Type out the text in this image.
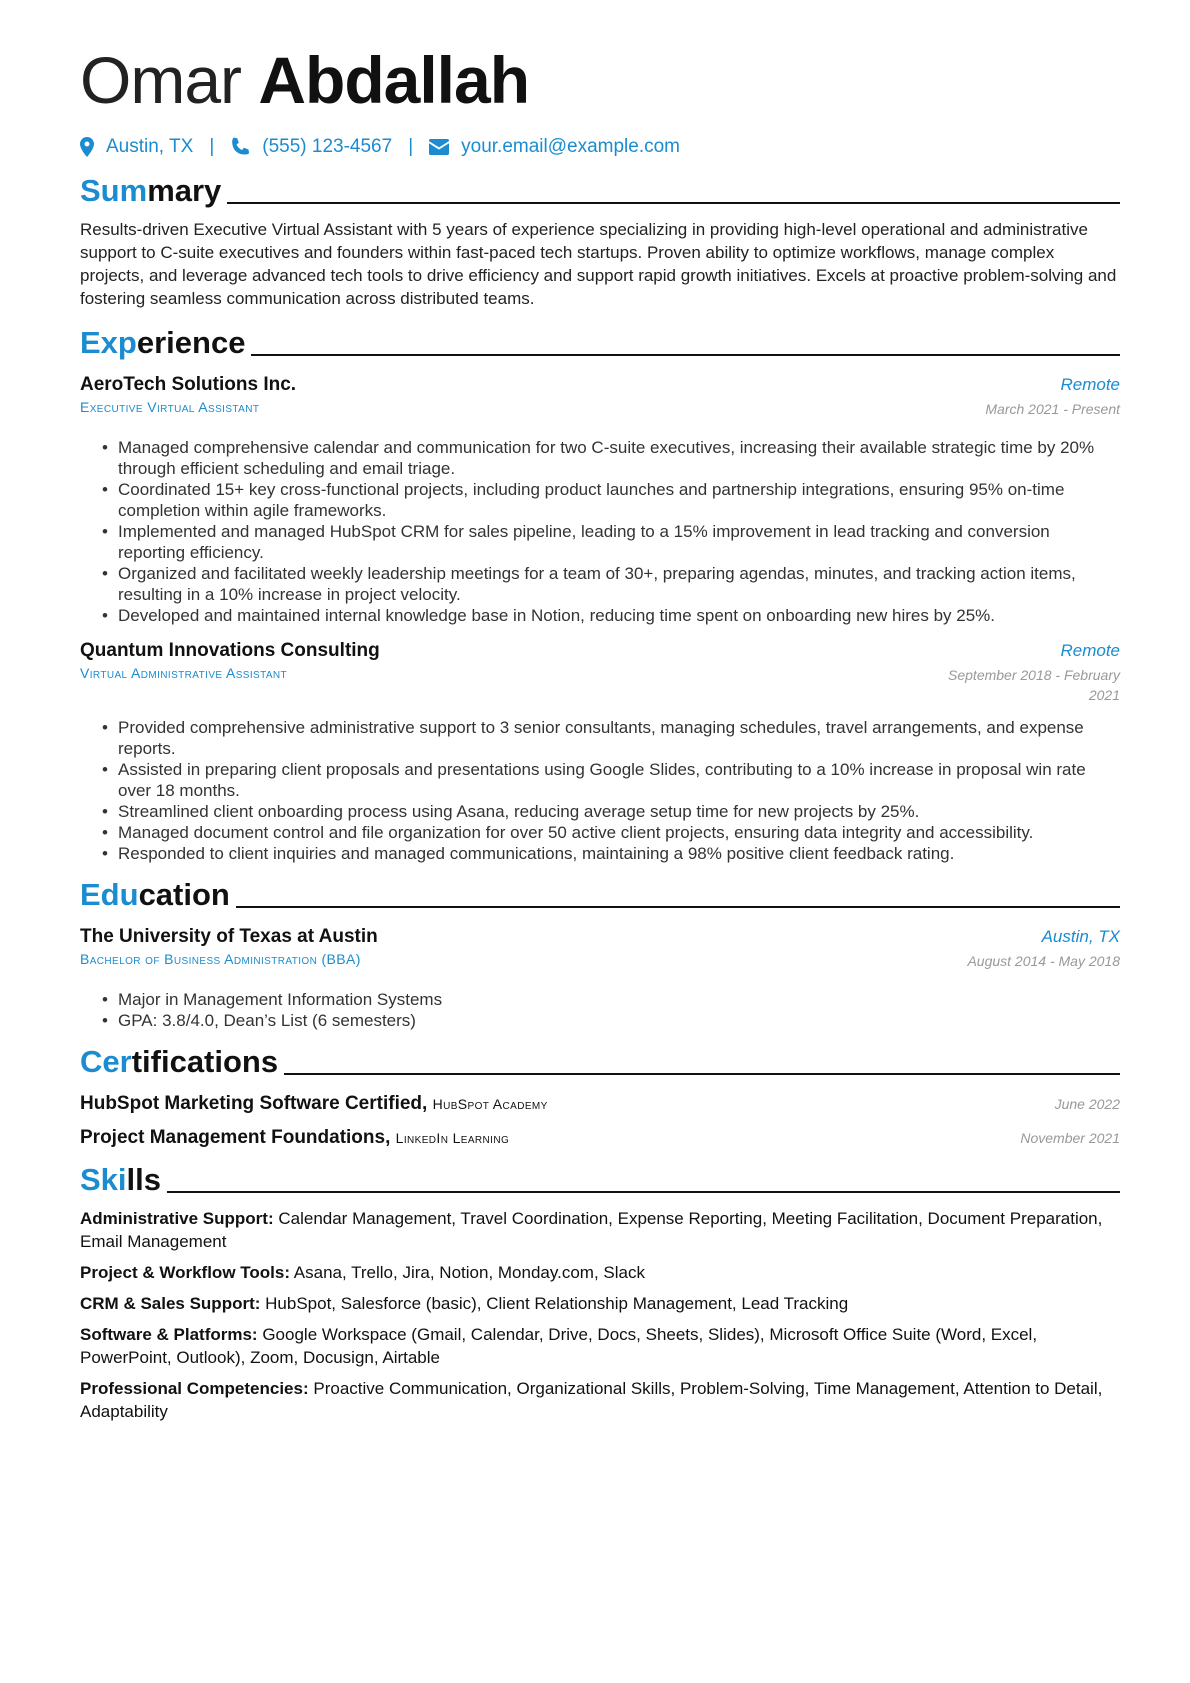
Omar Abdallah
Austin, TX |	(555) 123-4567 |	your.email@example.com
Summary
Results-driven Executive Virtual Assistant with 5 years of experience specializing in providing high-level operational and administrative support to C-suite executives and founders within fast-paced tech startups. Proven ability to optimize workflows, manage complex projects, and leverage advanced tech tools to drive efficiency and support rapid growth initiatives. Excels at proactive problem-solving and fostering seamless communication across distributed teams.
Experience
AeroTech Solutions Inc.	Remote
Executive Virtual Assistant	March 2021 - Present
• Managed comprehensive calendar and communication for two C-suite executives, increasing their available strategic time by 20% through efficient scheduling and email triage.
• Coordinated 15+ key cross-functional projects, including product launches and partnership integrations, ensuring 95% on-time completion within agile frameworks.
• Implemented and managed HubSpot CRM for sales pipeline, leading to a 15% improvement in lead tracking and conversion reporting efficiency.
• Organized and facilitated weekly leadership meetings for a team of 30+, preparing agendas, minutes, and tracking action items, resulting in a 10% increase in project velocity.
• Developed and maintained internal knowledge base in Notion, reducing time spent on onboarding new hires by 25%.
Quantum Innovations Consulting	Remote
Virtual Administrative Assistant	September 2018 - February 2021
• Provided comprehensive administrative support to 3 senior consultants, managing schedules, travel arrangements, and expense reports.
• Assisted in preparing client proposals and presentations using Google Slides, contributing to a 10% increase in proposal win rate over 18 months.
• Streamlined client onboarding process using Asana, reducing average setup time for new projects by 25%.
• Managed document control and file organization for over 50 active client projects, ensuring data integrity and accessibility.
• Responded to client inquiries and managed communications, maintaining a 98% positive client feedback rating.
Education
The University of Texas at Austin	Austin, TX
Bachelor of Business Administration (BBA)	August 2014 - May 2018
• Major in Management Information Systems
• GPA: 3.8/4.0, Dean’s List (6 semesters)
Certifications
HubSpot Marketing Software Certified, HubSpot Academy	June 2022
Project Management Foundations, LinkedIn Learning	November 2021
Skills
Administrative Support: Calendar Management, Travel Coordination, Expense Reporting, Meeting Facilitation, Document Preparation, Email Management
Project & Workflow Tools: Asana, Trello, Jira, Notion, Monday.com, Slack
CRM & Sales Support: HubSpot, Salesforce (basic), Client Relationship Management, Lead Tracking
Software & Platforms: Google Workspace (Gmail, Calendar, Drive, Docs, Sheets, Slides), Microsoft Office Suite (Word, Excel, PowerPoint, Outlook), Zoom, Docusign, Airtable
Professional Competencies: Proactive Communication, Organizational Skills, Problem-Solving, Time Management, Attention to Detail, Adaptability
